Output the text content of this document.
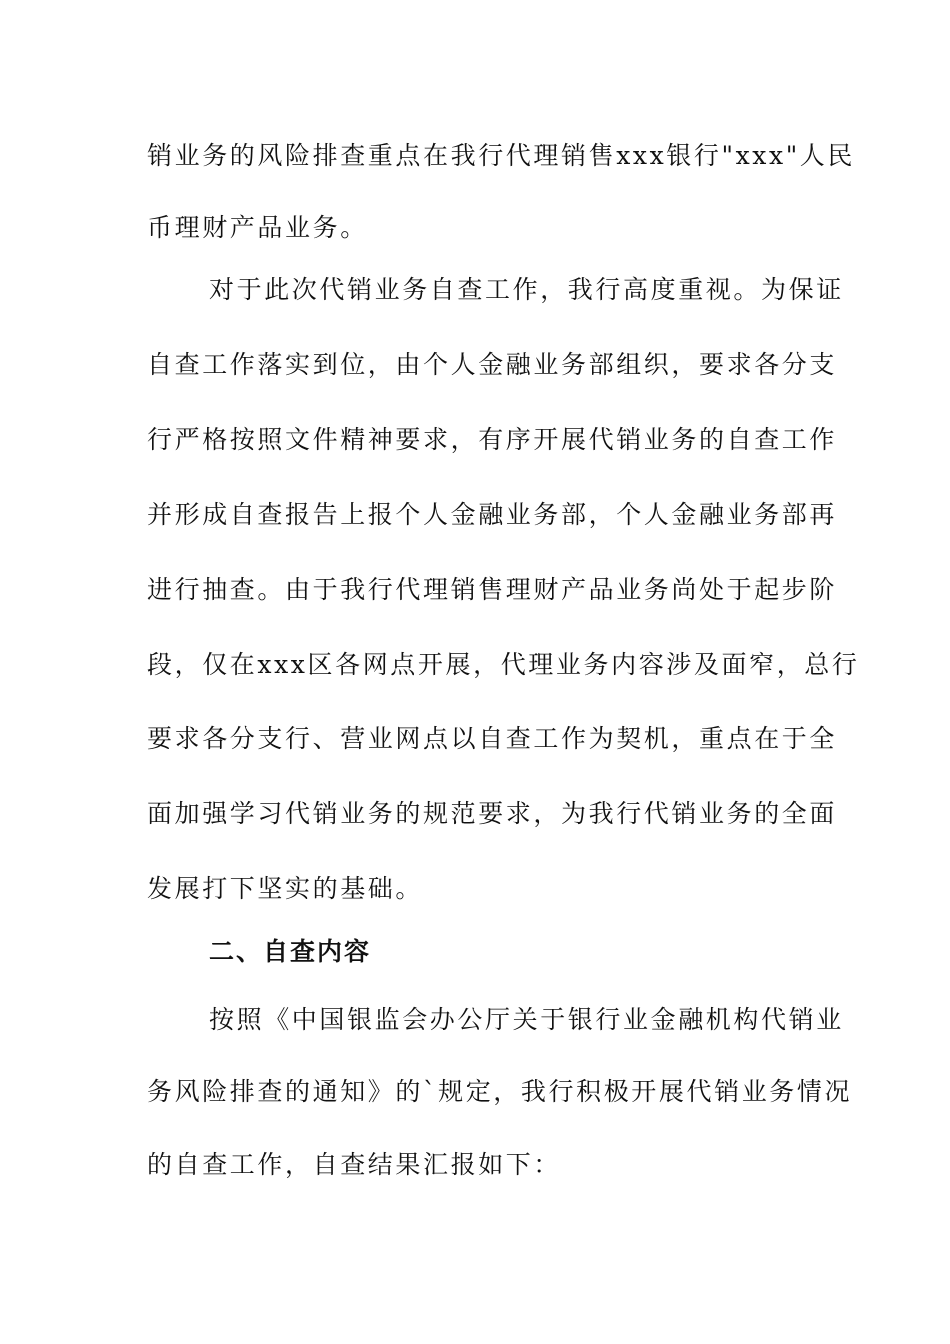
销业务的风险排查重点在我行代理销售xxx银行"xxx"人民
币理财产品业务。
对于此次代销业务自查工作，我行高度重视。为保证
自查工作落实到位，由个人金融业务部组织，要求各分支
行严格按照文件精神要求，有序开展代销业务的自查工作
并形成自查报告上报个人金融业务部，个人金融业务部再
进行抽查。由于我行代理销售理财产品业务尚处于起步阶
段，仅在xxx区各网点开展，代理业务内容涉及面窄，总行
要求各分支行、营业网点以自查工作为契机，重点在于全
面加强学习代销业务的规范要求，为我行代销业务的全面
发展打下坚实的基础。
二、自查内容
按照《中国银监会办公厅关于银行业金融机构代销业
务风险排查的通知》的`规定，我行积极开展代销业务情况
的自查工作，自查结果汇报如下：
